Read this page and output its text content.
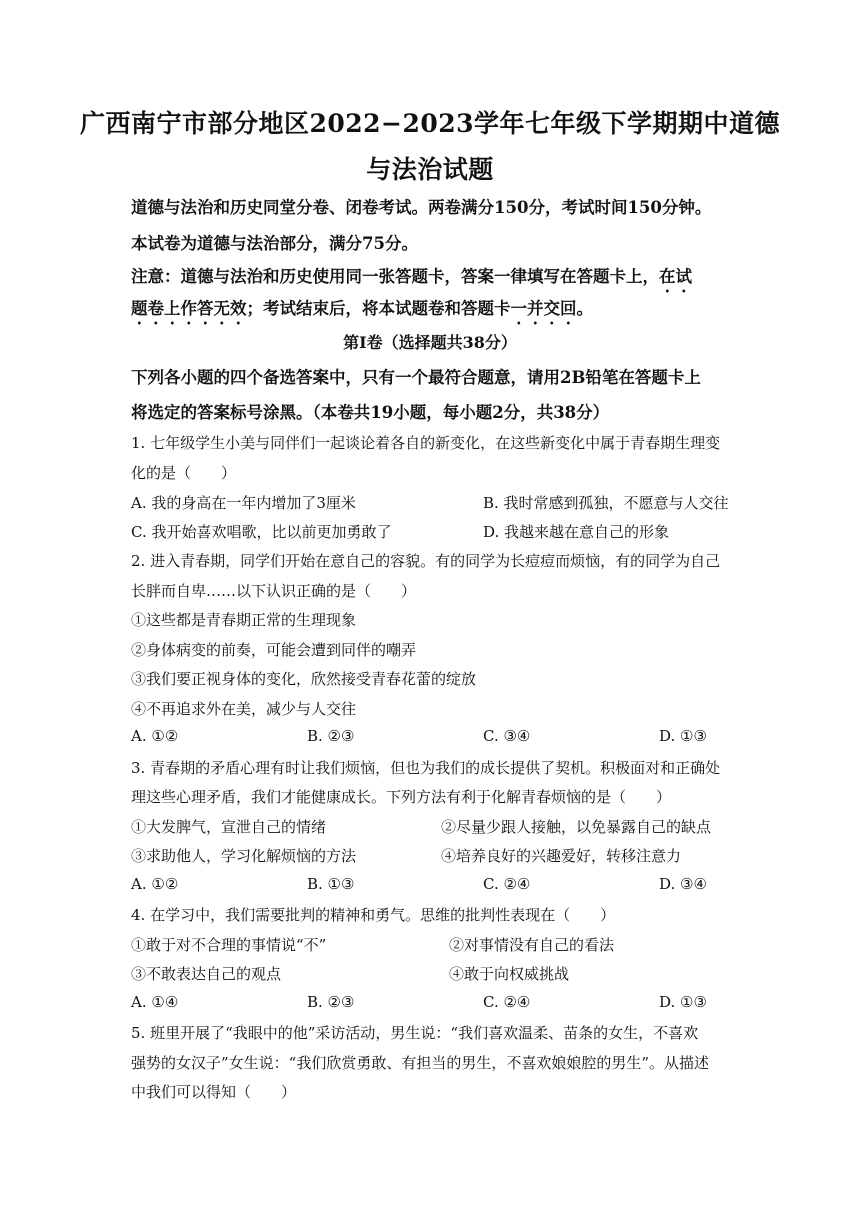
广西南宁市部分地区2022−2023学年七年级下学期期中道德
与法治试题
道德与法治和历史同堂分卷、闭卷考试。两卷满分150分，考试时间150分钟。
本试卷为道德与法治部分，满分75分。
注意：道德与法治和历史使用同一张答题卡，答案一律填写在答题卡上，在试
题卷上作答无效；考试结束后，将本试题卷和答题卡一并交回。
第Ⅰ卷（选择题共38分）
下列各小题的四个备选答案中，只有一个最符合题意，请用2B铅笔在答题卡上
将选定的答案标号涂黑。（本卷共19小题，每小题2分，共38分）
1. 七年级学生小美与同伴们一起谈论着各自的新变化，在这些新变化中属于青春期生理变
化的是（　　）
A. 我的身高在一年内增加了3厘米	B. 我时常感到孤独，不愿意与人交往
C. 我开始喜欢唱歌，比以前更加勇敢了	D. 我越来越在意自己的形象
2. 进入青春期，同学们开始在意自己的容貌。有的同学为长痘痘而烦恼，有的同学为自己
长胖而自卑……以下认识正确的是（　　）
①这些都是青春期正常的生理现象
②身体病变的前奏，可能会遭到同伴的嘲弄
③我们要正视身体的变化，欣然接受青春花蕾的绽放
④不再追求外在美，减少与人交往
A. ①②	B. ②③	C. ③④	D. ①③
3. 青春期的矛盾心理有时让我们烦恼，但也为我们的成长提供了契机。积极面对和正确处
理这些心理矛盾，我们才能健康成长。下列方法有利于化解青春烦恼的是（　　）
①大发脾气，宣泄自己的情绪	②尽量少跟人接触，以免暴露自己的缺点
③求助他人，学习化解烦恼的方法	④培养良好的兴趣爱好，转移注意力
A. ①②	B. ①③	C. ②④	D. ③④
4. 在学习中，我们需要批判的精神和勇气。思维的批判性表现在（　　）
①敢于对不合理的事情说“不”	②对事情没有自己的看法
③不敢表达自己的观点	④敢于向权威挑战
A. ①④	B. ②③	C. ②④	D. ①③
5. 班里开展了“我眼中的他”采访活动，男生说：“我们喜欢温柔、苗条的女生，不喜欢
强势的女汉子”女生说：“我们欣赏勇敢、有担当的男生，不喜欢娘娘腔的男生”。从描述
中我们可以得知（　　）
